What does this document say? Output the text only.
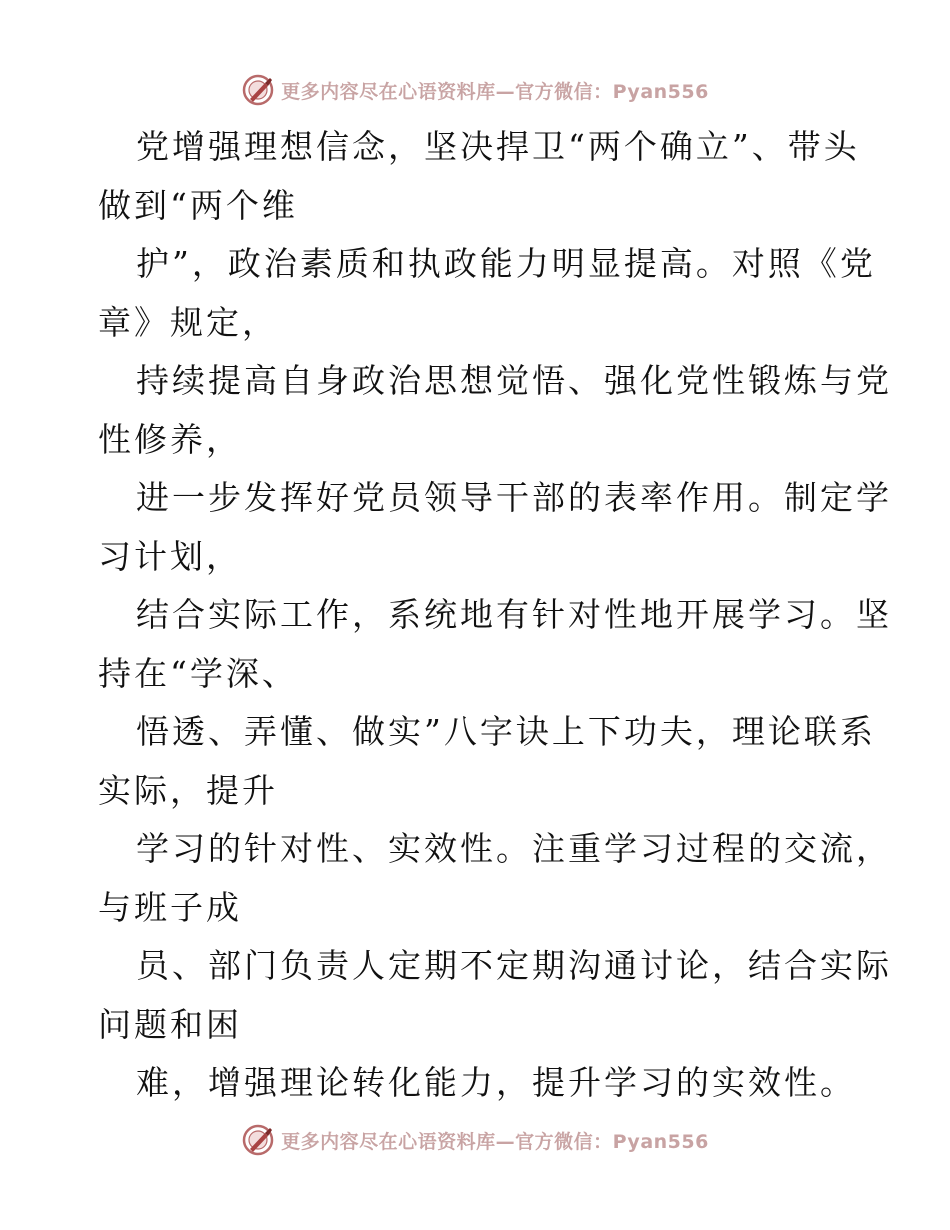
更多内容尽在心语资料库—官方微信：Pyan556
党增强理想信念，坚决捍卫“两个确立”、带头
做到“两个维
护”，政治素质和执政能力明显提高。对照《党
章》规定，
持续提高自身政治思想觉悟、强化党性锻炼与党
性修养，
进一步发挥好党员领导干部的表率作用。制定学
习计划，
结合实际工作，系统地有针对性地开展学习。坚
持在“学深、
悟透、弄懂、做实”八字诀上下功夫，理论联系
实际，提升
学习的针对性、实效性。注重学习过程的交流，
与班子成
员、部门负责人定期不定期沟通讨论，结合实际
问题和困
难，增强理论转化能力，提升学习的实效性。
更多内容尽在心语资料库—官方微信：Pyan556
